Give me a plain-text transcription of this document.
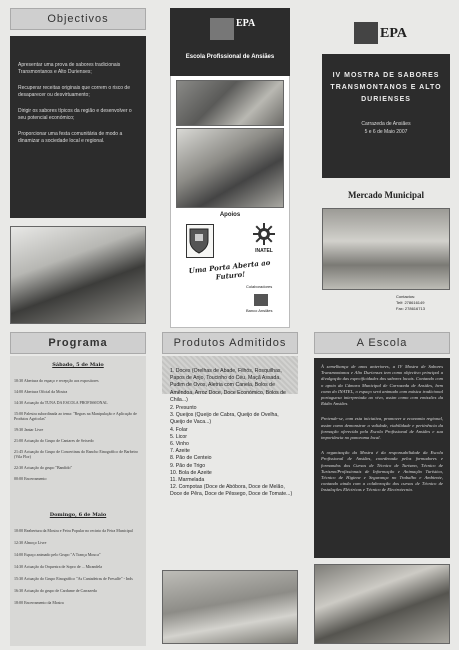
Objectivos

Apresentar uma prova de sabores tradicionais Transmontanos e Alto Durienses;

Recuperar receitas originais que correm o risco de desaparecer ou desvirtuamento;

Dirigir os sabores típicos da região e desenvolver o seu potencial económico;

Proporcionar uma festa comunitária de modo a dinamizar a sociedade local e regional.

EPA
Escola Profissional de Ansiães
Apoios
INATEL
Uma Porta Aberta ao Futuro!
Colaboradores
Banco Ansiães
EPA
IV MOSTRA DE SABORES TRANSMONTANOS E ALTO DURIENSES
Carrazeda de Ansiães
5 e 6 de Maio 2007
Mercado Municipal
Contactos:
Telf: 278616149
Fax: 278616713
Programa
Sábado, 5 de Maio
10:30 Abertura do espaço e recepção aos expositores
14:00 Abertura Oficial da Mostra
14:30 Actuação da TUNA DA ESCOLA PROFISSIONAL
15:00 Palestra subordinada ao tema: "Regras na Manipulação e Aplicação de Produtos Agrícolas"
19:30 Jantar Livre
21:00 Actuação do Grupo de Cantares de Seixedo
21:45 Actuação do Grupo de Concertinas do Rancho Etnográfico de Barbeiro (Vila Flor)
22:30 Actuação do grupo "Bandido"
00:00 Encerramento
Domingo, 6 de Maio
10:00 Reabertura da Mostra e Feira Popular no recinto da Feira Municipal
12:30 Almoço Livre
14:00 Espaço animado pelo Grupo "A Trança Mouca"
14:30 Actuação da Orquestra de Sopro de ... Mirandela
15:30 Actuação do Grupo Etnográfico "As Cantadeiras de Fresulfe" - Inds
16:30 Actuação do grupo de Cardume de Carrazeda
18:00 Encerramento da Mostra
Produtos Admitidos
1. Doces (Orelhas de Abade, Filhós, Rosquilhas, Papos de Anjo, Toucinho do Céu, Maçã Assada, Pudim de Ovos, Aletria com Canela, Bolos de Amêndoa, Arroz Doce, Doce Económico, Bolos de Chila...)
2. Presunto
3. Queijos (Queijo de Cabra, Queijo de Ovelha, Queijo de Vaca...)
4. Folar
5. Licor
6. Vinho
7. Azeite
8. Pão de Centeio
9. Pão de Trigo
10. Bola de Azeite
11. Marmelada
12. Compotas (Doce de Abóbora, Doce de Melão, Doce de Pêra, Doce de Pêssego, Doce de Tomate...)
A Escola

À semelhança de anos anteriores, a IV Mostra de Sabores Transmontanos e Alto Durienses tem como objectivo principal a divulgação das especificidades dos sabores locais. Contando com o apoio da Câmara Municipal de Carrazeda de Ansiães, bem como do INATEL, o espaço será animado com música tradicional portuguesa interpretada ao vivo, assim como com emissões da Rádio Ansiães.

Pretende-se, com esta iniciativa, promover a economia regional, assim como demonstrar a validade, viabilidade e pertinência da formação oferecida pela Escola Profissional de Ansiães e sua importância no panorama local.

A organização da Mostra é da responsabilidade da Escola Profissional de Ansiães, coordenada pelos formadores e formandos dos Cursos de Técnico de Turismo, Técnico de Turismo/Profissionais de Informação e Animação Turística, Técnico de Higiene e Segurança no Trabalho e Ambiente, contando ainda com a colaboração dos cursos de Técnico de Instalações Eléctricas e Técnico de Electrotecnia.
